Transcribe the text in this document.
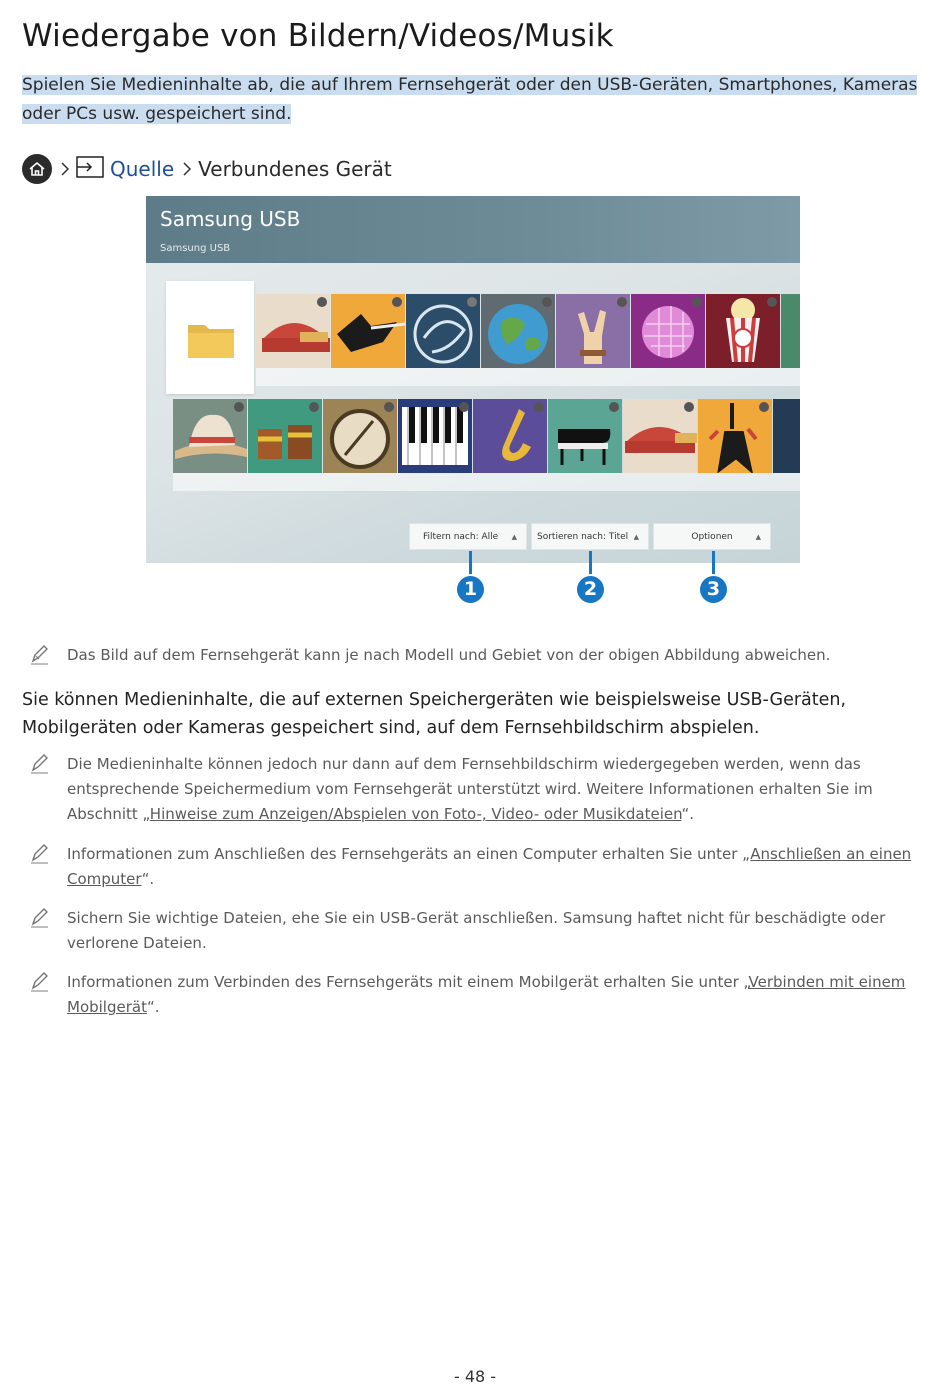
Wiedergabe von Bildern/Videos/Musik
Spielen Sie Medieninhalte ab, die auf Ihrem Fernsehgerät oder den USB-Geräten, Smartphones, Kameras oder PCs usw. gespeichert sind.
Quelle Verbundenes Gerät
Samsung USB
Samsung USB
Filtern nach: Alle ▲ Sortieren nach: Titel ▲	Optionen	▲
1	2	3
Das Bild auf dem Fernsehgerät kann je nach Modell und Gebiet von der obigen Abbildung abweichen.
Sie können Medieninhalte, die auf externen Speichergeräten wie beispielsweise USB-Geräten, Mobilgeräten oder Kameras gespeichert sind, auf dem Fernsehbildschirm abspielen.
Die Medieninhalte können jedoch nur dann auf dem Fernsehbildschirm wiedergegeben werden, wenn das entsprechende Speichermedium vom Fernsehgerät unterstützt wird. Weitere Informationen erhalten Sie im Abschnitt „Hinweise zum Anzeigen/Abspielen von Foto-, Video- oder Musikdateien“.
Informationen zum Anschließen des Fernsehgeräts an einen Computer erhalten Sie unter „Anschließen an einen Computer“.
Sichern Sie wichtige Dateien, ehe Sie ein USB-Gerät anschließen. Samsung haftet nicht für beschädigte oder verlorene Dateien.
Informationen zum Verbinden des Fernsehgeräts mit einem Mobilgerät erhalten Sie unter „Verbinden mit einem Mobilgerät“.
- 48 -
